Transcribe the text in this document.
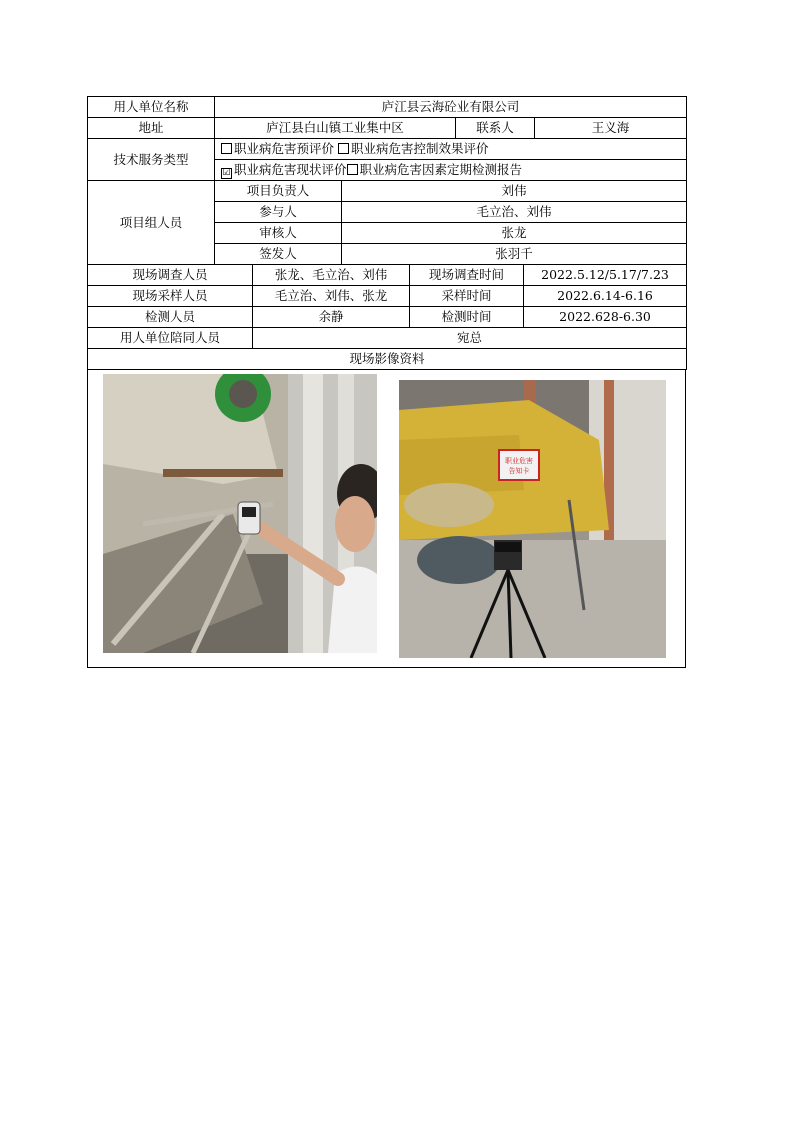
用人单位名称	庐江县云海砼业有限公司						
地址	庐江县白山镇工业集中区				联系人		王义海
技术服务类型	职业病危害预评价 职业病危害控制效果评价						
	☑ 职业病危害现状评价 职业病危害因素定期检测报告						
项目组人员	项目负责人		刘伟				
	参与人		毛立治、刘伟				
	审核人		张龙				
	签发人		张羽千				
现场调查人员		张龙、毛立治、刘伟		现场调查时间		2022.5.12/5.17/7.23	
现场采样人员		毛立治、刘伟、张龙		采样时间		2022.6.14-6.16	
检测人员		余静		检测时间		2022.628-6.30	
用人单位陪同人员		宛总					
现场影像资料							
职业危害
告知卡
